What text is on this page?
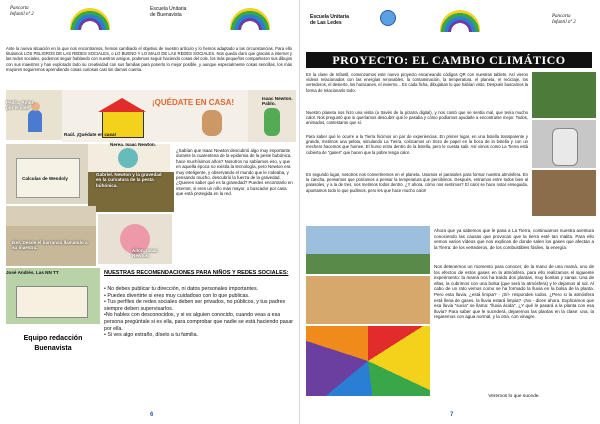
Pancarta
Infantil nº 2
Escuela Unitaria
de Buenavista
Ante la nueva situación en la que nos encontramos, hemos cambiado el objetivo de nuestro artículo y lo hemos adaptado a las circunstancias. Para ello titulamos LOS PELIGROS DE LAS REDES SOCIALES, o LO BUENO Y LO MALO DE LAS REDES SOCIALES. Nos queda claro que gracias a internet y las redes sociales, podemos seguir hablando con nuestros amigos, podemos seguir haciendo cosas del cole, los más pequeños compartieron sus dibujos con sus maestros y han explorado todo su creatividad con sus familias para ponerlo lo mejor posible, y aunque especialmente cosas sencillas, los más mayores seguiremos aprendiendo cosas curiosas casi sin darnos cuenta.
Pedro. Amor por el cole.
¡QUÉDATE EN CASA!
Raúl. ¡Quédate en casa!
Isaac Newton. Pablo.
Calculas de Wendoly
Nerea. Isaac Newton.
Gabriel. Newton y la gravedad en la curvatura de la pesta búhónica.
¿Sabían que Isaac Newton descubrió algo muy importante durante la cuarentena de la epidemia de la peste bubónica, hace muchísimos años? Nosotros no sabíamos eso, y que en aquella época no existía la tecnología, pero Newton era muy inteligente, y observando el mundo que le rodeaba, y pensando mucho, descubrió la fuerza de la gravedad. ¿Quieres saber qué es la gravedad? Puedes encontrarlo en internet, si eres un niño más mayor, o buscador por casa que está protegida en la red.
Iker. Desde el barranco llamando a su maestra.
Aiton. Isaac Newton.
José Andrés. Las NN TT	NUESTRAS RECOMENDACIONES PARA NIÑOS Y REDES SOCIALES:
• No debes publicar tu dirección, ni datos personales importantes.
• Puedes divertirte si eres muy cuidadoso con lo que publicas.
• Tus perfiles de redes sociales deben ser privados, no públicos, y tus padres siempre deben supervisarlos.
•No hables con desconocidos, y si es alguien conocido, cuando veas a esa persona pregúntale si es ella, para comprobar que nadie se está haciendo pasar por ella.
• Si ves algo extraño, díselo a tu familia.
Equipo redacción
Buenavista
6
Escuela Unitaria
de Las Ledes
Pancarta
Infantil nº 2
PROYECTO: EL CAMBIO CLIMÁTICO
En la clase de Infantil, comenzamos este nuevo proyecto escaneando códigos QR con nuestras tablets. Así vieron vídeos relacionados con las energías renovables, la contaminación, la temperatura, el planeta, el reciclaje, los vertederos, el desierto, los huracanes, el invierno... En cada ficha, dibujaban lo que habían visto. Después buscamos la forma de relacionarlo todo.
Nuestro planeta nos hizo una visita (a través de la pizarra digital), y nos contó que se sentía mal, que tenía mucho calor. Nos preguntó que si queríamos descubrir qué le pasaba y cómo podíamos ayudarle a encontrarse mejor. Todos, animados, contestaron que sí.
Para saber qué le ocurre a la Tierra hicimos un par de experiencias. En primer lugar, en una botella transparente y grande, metimos una pelota, simulando La Tierra, colocamos un trozo de papel en la boca de la botella y con un mechero hacemos que humee. El humo entra dentro de la botella, pero le cuesta salir. Así vimos como La Tierra está cubierta de "gases" que hacen que la pobre tenga calor.
En segundo lugar, nosotros nos convertiremos en el planeta. Usamos el parasoles para formar nuestra atmósfera. En la cancha, pensamos que poníamos a pensar la temperatura que percibimos. Después, entramos entre todos bien al parasoles, y a la de tres, nos metimos todos dentro. ¿Y ahora, cómo nos sentimos? El calor se hace notar enseguida, apuntamos todo lo que pudimos, pero les que hace mucho calor!
Ahora que ya sabemos que le pasa a La Tierra, continuamos nuestra aventura conociendo las causas que provocan que la tierra esté tan malita. Para ello vemos varios vídeos que nos explican de donde salen los gases que afectan a la Tierra: de los vertederos, de los combustibles fósiles, la energía.
Nos detenemos un momento para conocer, de la mano de una mamá, uno de los efectos de estos gases en la atmósfera, para ello realizamos el siguiente experimento: la mamá nos ha traído dos plantas, muy bonitas y sanas. Una de ellas, la cubrimos con una bolsa (que será la atmósfera) y le dejamos al sol. Al cabo de un rato vemos como se ha formado la lluvia en la bolsa de la planta. Pero esta lluvia, ¿está limpia? - ¡Sí!- responden todos. ¿Pero si la atmósfera está llena de gases, la lluvia estará limpia? -¡No - dicen ahora. Explicamos que esa lluvia "sucia" se llama: "lluvia ácida". ¿Y qué le pasará a la planta con esa lluvia? Para saber que le sucederá, dejaremos las plantas en la clase: una, la regaremos con agua normal, y la otra, con vinagre.
Veremos lo que sucede.
7
